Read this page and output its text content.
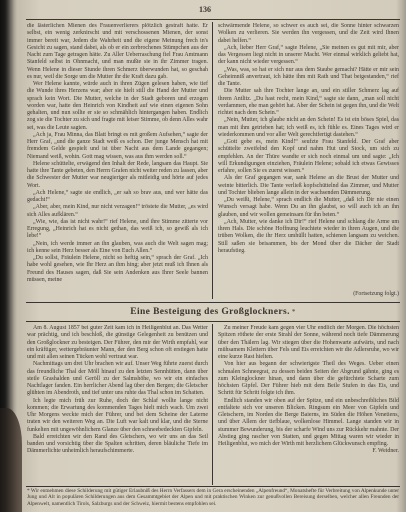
136

die lästerlichen Mienen des Frauenverlierers plötzlich gestraft hatte. Er selbst, ein wenig zerknirscht und mit verschossenen Mienen, der sonst immer bereit war, Jedem die Wahrheit und die eigene Meinung frech in's Gesicht zu sagen, stand dabei, als ob er ein zerbrochenes Stümpchen aus der Nacht zum Tage getragen hätte. Zu Aller Ueberraschung fiel Frau Amtmann Stanfeld selbst in Ohnmacht, und man mußte sie in ihr Zimmer tragen. Wenn Helene in dieser Stunde ihren Schmerz überwunden hat, so geschah es nur, weil die Sorge um die Mutter ihr die Kraft dazu gab.

Wer Helene kannte, würde auch in ihren Zügen gelesen haben, wie tief die Wunde ihres Herzens war; aber sie hielt still die Hand der Mutter und sprach kein Wort. Die Mutter, welche in der Stadt geboren und erzogen worden war, hatte den Heinrich von Kindheit auf wie einen eigenen Sohn gehalten, und nun sollte er sie so schmählich hintergangen haben. Endlich zog sie die Tochter zu sich und fragte mit leiser Stimme, ob denn Alles wahr sei, was die Leute sagten.

„Ach ja, Frau Minna, das Blatt bringt es mit großem Aufsehen,“ sagte der Herr Graf, „und die ganze Stadt weiß es schon. Der junge Mensch hat mit fremdem Gelde gespielt und ist über Nacht aus dem Lande gegangen; Niemand weiß, wohin. Gott mag wissen, was aus ihm werden soll.“

Helene schüttelte, erwägend den Inhalt der Rede, langsam das Haupt. Sie hatte ihre Tante gebeten, den Herrn Grafen nicht weiter reden zu lassen, aber die Schwester der Mutter war neugieriger als mitleidig und hörte auf jedes Wort.

„Ach Helene,“ sagte sie endlich, „er sah so brav aus, und wer hätte das gedacht!“

„Aber, aber, mein Kind, nur nicht verzagen!“ tröstete die Mutter, „es wird sich Alles aufklären.“

„Wie, wie, das ist nicht wahr!“ rief Helene, und ihre Stimme zitterte vor Erregung, „Heinrich hat es nicht gethan, das weiß ich, so gewiß als ich lebe!“

„Nein, ich werde immer an ihn glauben, was auch die Welt sagen mag; ich kenne sein Herz besser als Eine von Euch Allen.“

„Du sollst, Fräulein Helene, nicht so heftig sein,“ sprach der Graf. „Ich habe wohl gesehen, wie Ihr Herz an ihm hing; aber jetzt muß ich Ihnen als Freund des Hauses sagen, daß Sie sein Andenken aus Ihrer Seele bannen müssen, meine

schwärmende Helene, so schwer es auch sei, die Sonne hinter schwarzen Wolken zu verlieren. Sie werden ihn vergessen, und die Zeit wird Ihnen dabei helfen.“

„Ach, lieber Herr Graf,“ sagte Helene, „Sie meinen es gut mit mir, aber das Vergessen liegt nicht in unserer Macht. Wer einmal wirklich geliebt hat, der kann nicht wieder vergessen.“

„Was, was, so hat er sich nur aus dem Staube gemacht? Hätte er mir sein Geheimniß anvertraut, ich hätte ihm mit Rath und That beigestanden,“ rief die Tante.

Die Mutter sah ihre Tochter lange an, und ein stiller Schmerz lag auf ihrem Antlitz. „Du hast recht, mein Kind,“ sagte sie dann, „man soll nicht verdammen, ehe man gehört hat. Aber der Schein ist gegen ihn, und die Welt richtet nach dem Schein.“

„Nein, Mutter, ich glaube nicht an den Schein! Es ist ein böses Spiel, das man mit ihm getrieben hat; ich weiß es, ich fühle es. Eines Tages wird er wiederkommen und vor aller Welt gerechtfertigt dastehen.“

„Gott gebe es, mein Kind!“ seufzte Frau Stanfeld. Der Graf aber schüttelte zweifelnd den Kopf und nahm Hut und Stock, um sich zu empfehlen. An der Thüre wandte er sich noch einmal um und sagte: „Ich will Erkundigungen einziehen, Fräulein Helene; sobald ich etwas Gewisses erfahre, sollen Sie es zuerst wissen.“

Als der Graf gegangen war, sank Helene an die Brust der Mutter und weinte bitterlich. Die Tante verließ kopfschüttelnd das Zimmer, und Mutter und Tochter blieben lange allein in der wachsenden Dämmerung.

„Du weißt, Helene,“ sprach endlich die Mutter, „daß ich Dir nie einen Wunsch versagt habe. Wenn Du an ihn glaubst, so will auch ich an ihn glauben, und wir wollen gemeinsam für ihn beten.“

„Ach, Mutter, wie danke ich Dir!“ rief Helene und schlang die Arme um ihren Hals. Die schöne Hoffnung leuchtete wieder in ihren Augen, und die trüben Wolken, die ihr Herz umhüllt hatten, schienen langsam zu weichen. Still saßen sie beisammen, bis der Mond über die Dächer der Stadt heraufstieg.

(Fortsetzung folgt.)
Eine Besteigung des Großglockners. *

Am 8. August 1857 bei guter Zeit kam ich in Heiligenblut an. Das Wetter war prächtig, und ich beschloß, die günstige Gelegenheit zu benützen und den Großglockner zu besteigen. Der Führer, den mir der Wirth empfahl, war ein kräftiger, wettergebräunter Mann, der den Berg schon oft erstiegen hatte und mit allen seinen Tücken wohl vertraut war.

Nachmittags um drei Uhr brachen wir auf. Unser Weg führte zuerst durch das freundliche Thal der Möll hinauf zu den letzten Sennhütten, dann über steile Grashalden und Geröll zu der Salmshöhe, wo wir ein einfaches Nachtlager fanden. Ein herrlicher Abend lag über den Bergen; die Gletscher glühten im Abendroth, und tief unter uns ruhte das Thal schon im Schatten.

Ich legte mich früh zur Ruhe, doch der Schlaf wollte lange nicht kommen; die Erwartung des kommenden Tages hielt mich wach. Um zwei Uhr Morgens weckte mich der Führer, und bei dem Scheine der Laterne traten wir den weiteren Weg an. Die Luft war kalt und klar, und die Sterne funkelten mit ungewöhnlichem Glanze über den schneebedeckten Gipfeln.

Bald erreichten wir den Rand des Gletschers, wo wir uns an das Seil banden und vorsichtig über die Spalten schritten, deren bläuliche Tiefe im Dämmerlichte unheimlich heraufschimmerte.

Zu meiner Freude kam gegen vier Uhr endlich der Morgen. Die höchsten Spitzen röthete der erste Strahl der Sonne, während noch tiefe Dämmerung über den Thälern lag. Wir stiegen über die Hohenwarte aufwärts, und nach mühsamem Klettern über Fels und Eis erreichten wir die Adlersruhe, wo wir eine kurze Rast hielten.

Von hier aus begann der schwierigste Theil des Weges. Ueber einen schmalen Schneegrat, zu dessen beiden Seiten der Abgrund gähnte, ging es zum Kleinglockner hinan, und dann über die gefürchtete Scharte zum höchsten Gipfel. Der Führer hieb mit dem Beile Stufen in das Eis, und Schritt für Schritt folgte ich ihm.

Endlich standen wir oben auf der Spitze, und ein unbeschreibliches Bild entfaltete sich vor unseren Blicken. Ringsum ein Meer von Gipfeln und Gletschern, im Norden die Berge Baierns, im Süden die Höhen Venetiens, und über Allem der tiefblaue, wolkenlose Himmel. Lange standen wir in stummer Bewunderung, bis der scharfe Wind uns zur Rückkehr mahnte. Der Abstieg ging rascher von Statten, und gegen Mittag waren wir wieder in Heiligenblut, wo mich der Wirth mit herzlichem Glückwunsch empfing.

F. Weidner.

* Wir entnehmen diese Schilderung mit gütiger Erlaubniß des Herrn Verfassers dem in Gera erscheinenden „Alpenfreund“, Monatshefte für Verbreitung von Alpenkunde unter Jung und Alt in populären Schilderungen aus dem Gesammtgebiet der Alpen und mit praktischen Winken zur genußvollen Bereisung derselben, welcher allen Freunden der Alpenwelt, namentlich Tirols, Salzburgs und der Schweiz, hiermit bestens empfohlen sei.
